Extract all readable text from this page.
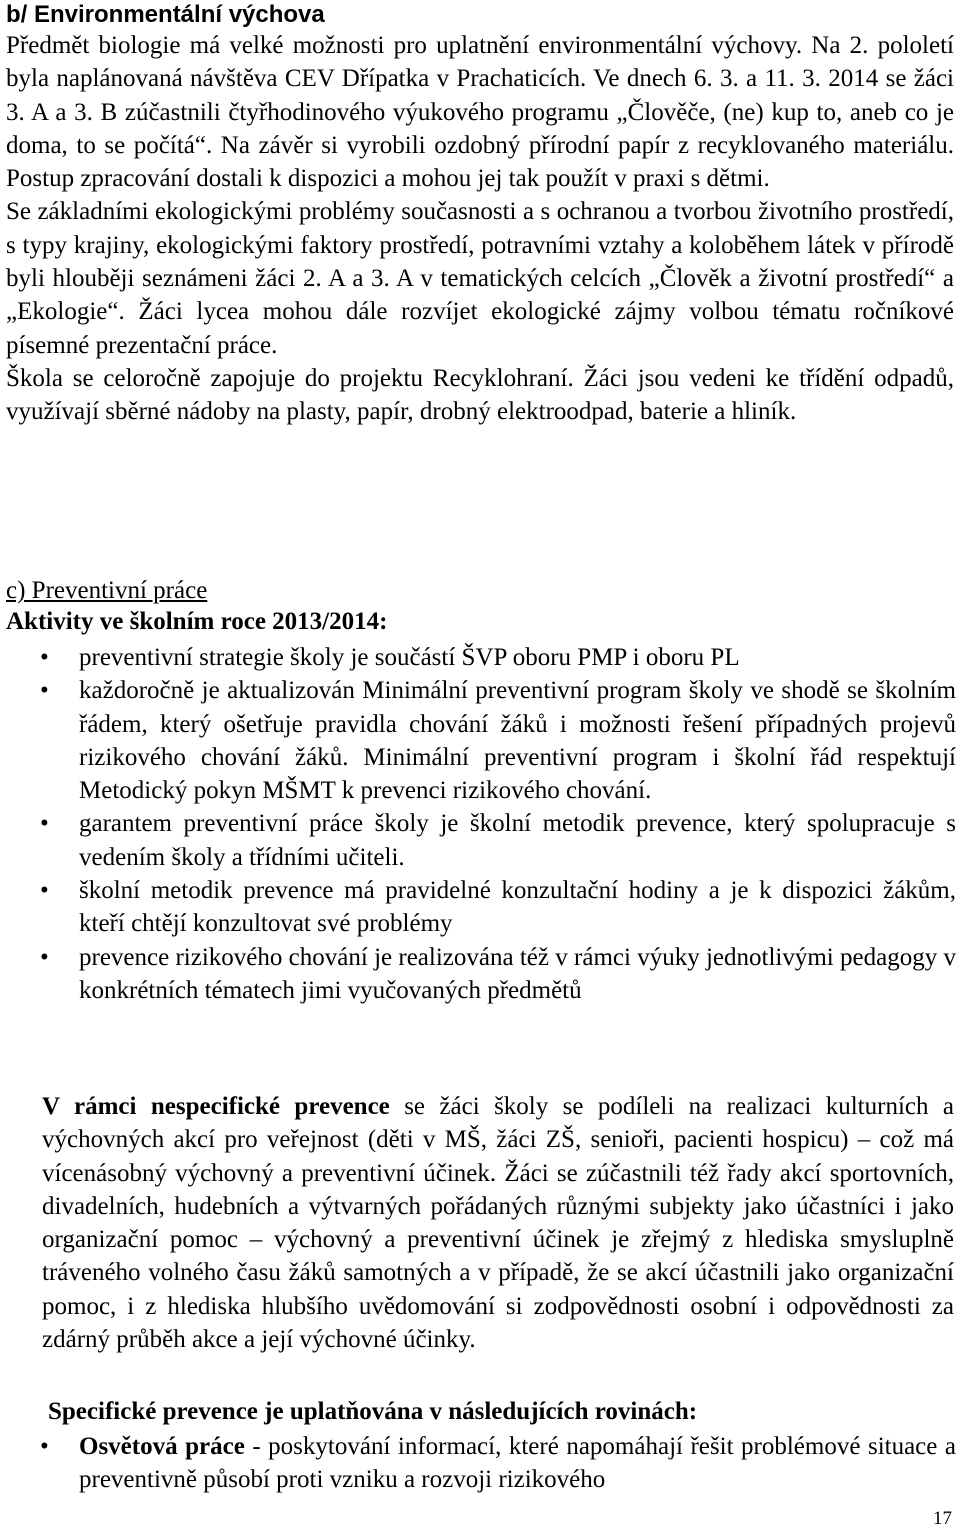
b/ Environmentální výchova

Předmět biologie má velké možnosti pro uplatnění environmentální výchovy. Na 2. pololetí byla naplánovaná návštěva CEV Dřípatka v Prachaticích. Ve dnech 6. 3. a 11. 3. 2014 se žáci 3. A a 3. B zúčastnili čtyřhodinového výukového programu „Člověče, (ne) kup to, aneb co je doma, to se počítá“. Na závěr si vyrobili ozdobný přírodní papír z recyklovaného materiálu. Postup zpracování dostali k dispozici a mohou jej tak použít v praxi s dětmi.

Se základními ekologickými problémy současnosti a s ochranou a tvorbou životního prostředí, s typy krajiny, ekologickými faktory prostředí, potravními vztahy a koloběhem látek v přírodě byli hlouběji seznámeni žáci 2. A a 3. A v tematických celcích „Člověk a životní prostředí“ a „Ekologie“. Žáci lycea mohou dále rozvíjet ekologické zájmy volbou tématu ročníkové písemné prezentační práce.

Škola se celoročně zapojuje do projektu Recyklohraní. Žáci jsou vedeni ke třídění odpadů, využívají sběrné nádoby na plasty, papír, drobný elektroodpad, baterie a hliník.

c) Preventivní práce
Aktivity ve školním roce 2013/2014:
• preventivní strategie školy je součástí ŠVP oboru PMP i oboru PL
• každoročně je aktualizován Minimální preventivní program školy ve shodě se školním řádem, který ošetřuje pravidla chování žáků i možnosti řešení případných projevů rizikového chování žáků. Minimální preventivní program i školní řád respektují Metodický pokyn MŠMT k prevenci rizikového chování.
• garantem preventivní práce školy je školní metodik prevence, který spolupracuje s vedením školy a třídními učiteli.
• školní metodik prevence má pravidelné konzultační hodiny a je k dispozici žákům, kteří chtějí konzultovat své problémy
• prevence rizikového chování je realizována též v rámci výuky jednotlivými pedagogy v konkrétních tématech jimi vyučovaných předmětů

V rámci nespecifické prevence se žáci školy se podíleli na realizaci kulturních a výchovných akcí pro veřejnost (děti v MŠ, žáci ZŠ, senioři, pacienti hospicu) – což má vícenásobný výchovný a preventivní účinek. Žáci se zúčastnili též řady akcí sportovních, divadelních, hudebních a výtvarných pořádaných různými subjekty jako účastníci i jako organizační pomoc – výchovný a preventivní účinek je zřejmý z hlediska smysluplně tráveného volného času žáků samotných a v případě, že se akcí účastnili jako organizační pomoc, i z hlediska hlubšího uvědomování si zodpovědnosti osobní i odpovědnosti za zdárný průběh akce a její výchovné účinky.

Specifické prevence je uplatňována v následujících rovinách:
• Osvětová práce - poskytování informací, které napomáhají řešit problémové situace a preventivně působí proti vzniku a rozvoji rizikového
17
